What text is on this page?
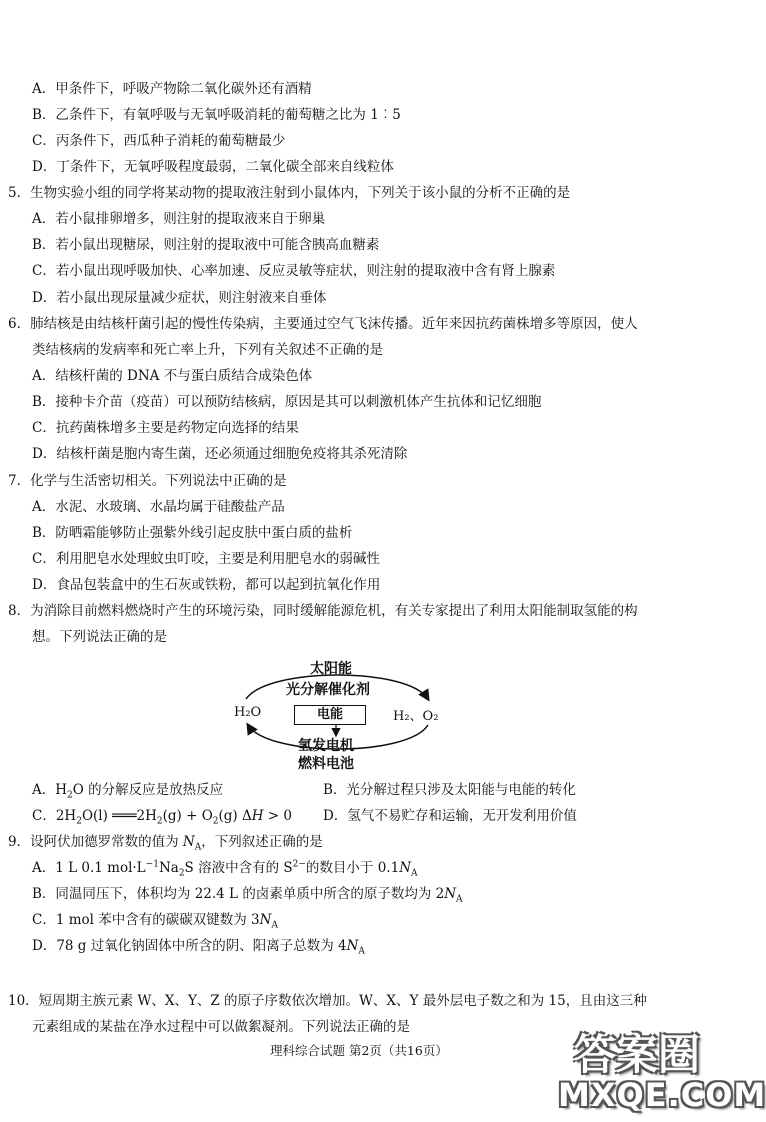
A．甲条件下，呼吸产物除二氧化碳外还有酒精
B．乙条件下，有氧呼吸与无氧呼吸消耗的葡萄糖之比为 1︰5
C．丙条件下，西瓜种子消耗的葡萄糖最少
D．丁条件下，无氧呼吸程度最弱，二氧化碳全部来自线粒体
5．生物实验小组的同学将某动物的提取液注射到小鼠体内，下列关于该小鼠的分析不正确的是
A．若小鼠排卵增多，则注射的提取液来自于卵巢
B．若小鼠出现糖尿，则注射的提取液中可能含胰高血糖素
C．若小鼠出现呼吸加快、心率加速、反应灵敏等症状，则注射的提取液中含有肾上腺素
D．若小鼠出现尿量减少症状，则注射液来自垂体
6．肺结核是由结核杆菌引起的慢性传染病，主要通过空气飞沫传播。近年来因抗药菌株增多等原因，使人
类结核病的发病率和死亡率上升，下列有关叙述不正确的是
A．结核杆菌的 DNA 不与蛋白质结合成染色体
B．接种卡介苗（疫苗）可以预防结核病，原因是其可以刺激机体产生抗体和记忆细胞
C．抗药菌株增多主要是药物定向选择的结果
D．结核杆菌是胞内寄生菌，还必须通过细胞免疫将其杀死清除
7．化学与生活密切相关。下列说法中正确的是
A．水泥、水玻璃、水晶均属于硅酸盐产品
B．防晒霜能够防止强紫外线引起皮肤中蛋白质的盐析
C．利用肥皂水处理蚊虫叮咬，主要是利用肥皂水的弱碱性
D．食品包装盒中的生石灰或铁粉，都可以起到抗氧化作用
8．为消除目前燃料燃烧时产生的环境污染，同时缓解能源危机，有关专家提出了利用太阳能制取氢能的构
想。下列说法正确的是
太阳能
光分解催化剂
H₂O	H₂、O₂
电能
氢发电机
燃料电池
A．$H_2O$ 的分解反应是放热反应	B．光分解过程只涉及太阳能与电能的转化
C．$2H_2O(l)$ $═══2H_2(g) + O_2(g) \Delta H > 0$ D．氢气不易贮存和运输，无开发利用价值
9．设阿伏加德罗常数的值为 $N_A$，下列叙述正确的是
A．1 L 0.1 $mol\cdot L^{-1}Na_2S$ 溶液中含有的 $S^{2-}$的数目小于 $0.1N_A$
B．同温同压下，体积均为 22.4 L 的卤素单质中所含的原子数均为 $2N_A$
C．1 mol 苯中含有的碳碳双键数为 $3N_A$
D．78 g 过氧化钠固体中所含的阴、阳离子总数为 $4N_A$
10．短周期主族元素 W、X、Y、Z 的原子序数依次增加。W、X、Y 最外层电子数之和为 15，且由这三种
元素组成的某盐在净水过程中可以做絮凝剂。下列说法正确的是
理科综合试题 第2页（共16页）	答案圈
MXQE.COM
